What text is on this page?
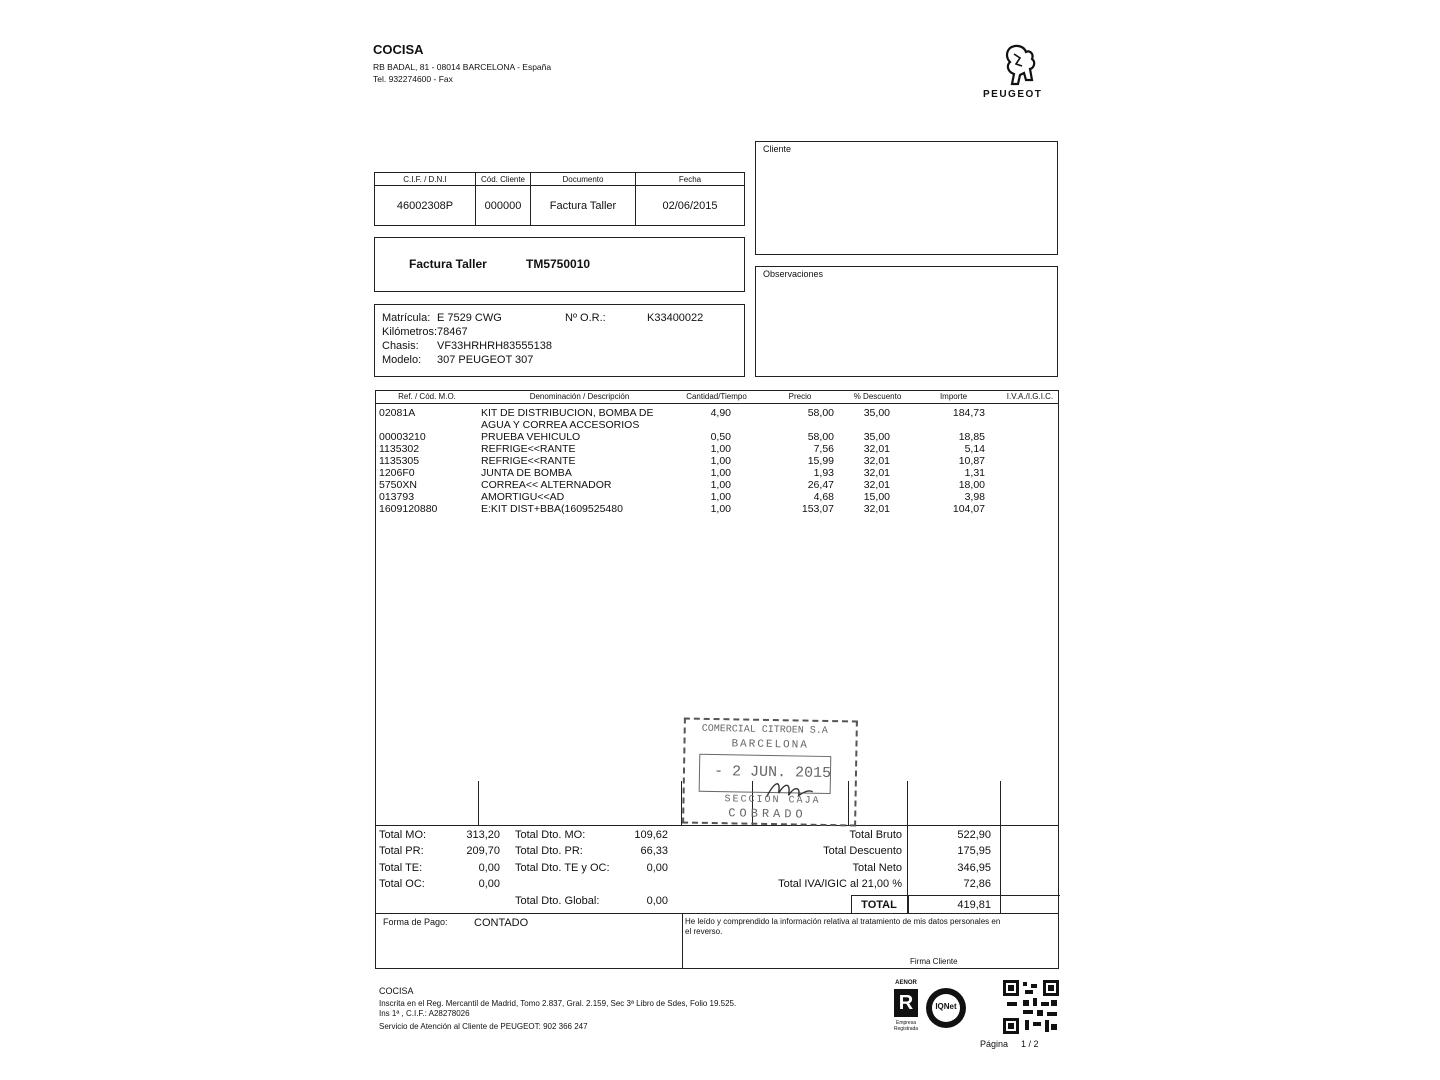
COCISA
RB BADAL, 81 - 08014 BARCELONA - España
Tel. 932274600 - Fax
PEUGEOT
Cliente
Observaciones
C.I.F. / D.N.I	Cód. Cliente	Documento	Fecha
46002308P	000000	Factura Taller	02/06/2015
Factura Taller	TM5750010
Matrícula: E 7529 CWG	Nº O.R.:	K33400022
Kilómetros: 78467
Chasis: VF33HRHRH83555138
Modelo: 307 PEUGEOT 307
Ref. / Cód. M.O.	Denominación / Descripción	Cantidad/Tiempo	Precio	% Descuento	Importe	I.V.A./I.G.I.C.
02081A	KIT DE DISTRIBUCION, BOMBA DE	4,90	58,00	35,00	184,73
AGUA Y CORREA ACCESORIOS
00003210	PRUEBA VEHICULO	0,50	58,00	35,00	18,85
1135302	REFRIGE<<RANTE	1,00	7,56	32,01	5,14
1135305	REFRIGE<<RANTE	1,00	15,99	32,01	10,87
1206F0	JUNTA DE BOMBA	1,00	1,93	32,01	1,31
5750XN	CORREA<< ALTERNADOR	1,00	26,47	32,01	18,00
013793	AMORTIGU<<AD	1,00	4,68	15,00	3,98
1609120880	E:KIT DIST+BBA(1609525480	1,00	153,07	32,01	104,07
COMERCIAL CITROEN S.A
BARCELONA
- 2 JUN. 2015
SECCION CAJA
COBRADO
Total MO:	313,20
Total PR:	209,70
Total TE:	0,00
Total OC:	0,00
Total Dto. MO:	109,62
Total Dto. PR:	66,33
Total Dto. TE y OC:	0,00
Total Dto. Global:	0,00
Total Bruto	522,90
Total Descuento	175,95
Total Neto	346,95
Total IVA/IGIC al 21,00 %	72,86
TOTAL	419,81
Forma de Pago: CONTADO	He leído y comprendido la información relativa al tratamiento de mis datos personales en
el reverso.
Firma Cliente
COCISA
Inscrita en el Reg. Mercantil de Madrid, Tomo 2.837, Gral. 2.159, Sec 3ª Libro de Sdes, Folio 19.525.
Ins 1ª , C.I.F.: A28278026
Servicio de Atención al Cliente de PEUGEOT: 902 366 247
AENOR
R
Empresa Registrada
IQNet
Página 1 / 2
